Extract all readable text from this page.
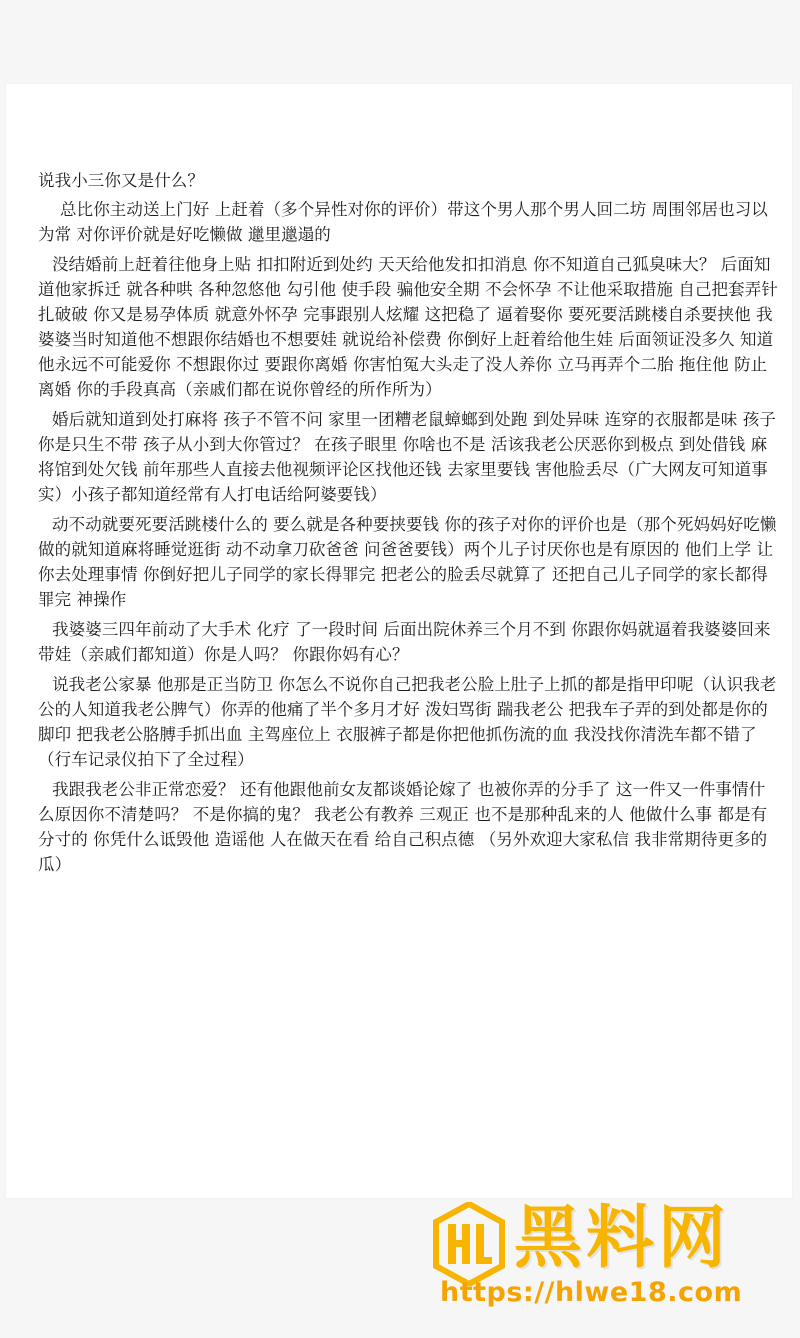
说我小三你又是什么？

总比你主动送上门好 上赶着（多个异性对你的评价）带这个男人那个男人回二坊 周围邻居也习以为常 对你评价就是好吃懒做 邋里邋遢的

没结婚前上赶着往他身上贴 扣扣附近到处约 天天给他发扣扣消息 你不知道自己狐臭味大？ 后面知道他家拆迁 就各种哄 各种忽悠他 勾引他 使手段 骗他安全期 不会怀孕 不让他采取措施 自己把套弄针扎破破 你又是易孕体质 就意外怀孕 完事跟别人炫耀 这把稳了 逼着娶你 要死要活跳楼自杀要挟他 我婆婆当时知道他不想跟你结婚也不想要娃 就说给补偿费 你倒好上赶着给他生娃 后面领证没多久 知道他永远不可能爱你 不想跟你过 要跟你离婚 你害怕冤大头走了没人养你 立马再弄个二胎 拖住他 防止离婚 你的手段真高（亲戚们都在说你曾经的所作所为）

婚后就知道到处打麻将 孩子不管不问 家里一团糟老鼠蟑螂到处跑 到处异味 连穿的衣服都是味 孩子你是只生不带 孩子从小到大你管过？ 在孩子眼里 你啥也不是 活该我老公厌恶你到极点 到处借钱 麻将馆到处欠钱 前年那些人直接去他视频评论区找他还钱 去家里要钱 害他脸丢尽（广大网友可知道事实）小孩子都知道经常有人打电话给阿婆要钱）

动不动就要死要活跳楼什么的 要么就是各种要挟要钱 你的孩子对你的评价也是（那个死妈妈好吃懒做的就知道麻将睡觉逛街 动不动拿刀砍爸爸 问爸爸要钱）两个儿子讨厌你也是有原因的 他们上学 让你去处理事情 你倒好把儿子同学的家长得罪完 把老公的脸丢尽就算了 还把自己儿子同学的家长都得罪完 神操作

我婆婆三四年前动了大手术 化疗 了一段时间 后面出院休养三个月不到 你跟你妈就逼着我婆婆回来带娃（亲戚们都知道）你是人吗？ 你跟你妈有心？

说我老公家暴 他那是正当防卫 你怎么不说你自己把我老公脸上肚子上抓的都是指甲印呢（认识我老公的人知道我老公脾气）你弄的他痛了半个多月才好 泼妇骂街 踹我老公 把我车子弄的到处都是你的脚印 把我老公胳膊手抓出血 主驾座位上 衣服裤子都是你把他抓伤流的血 我没找你清洗车都不错了（行车记录仪拍下了全过程）

我跟我老公非正常恋爱？ 还有他跟他前女友都谈婚论嫁了 也被你弄的分手了 这一件又一件事情什么原因你不清楚吗？ 不是你搞的鬼？ 我老公有教养 三观正 也不是那种乱来的人 他做什么事 都是有分寸的 你凭什么诋毁他 造谣他 人在做天在看 给自己积点德 （另外欢迎大家私信 我非常期待更多的瓜）

黑料网
https://hlwe18.com
